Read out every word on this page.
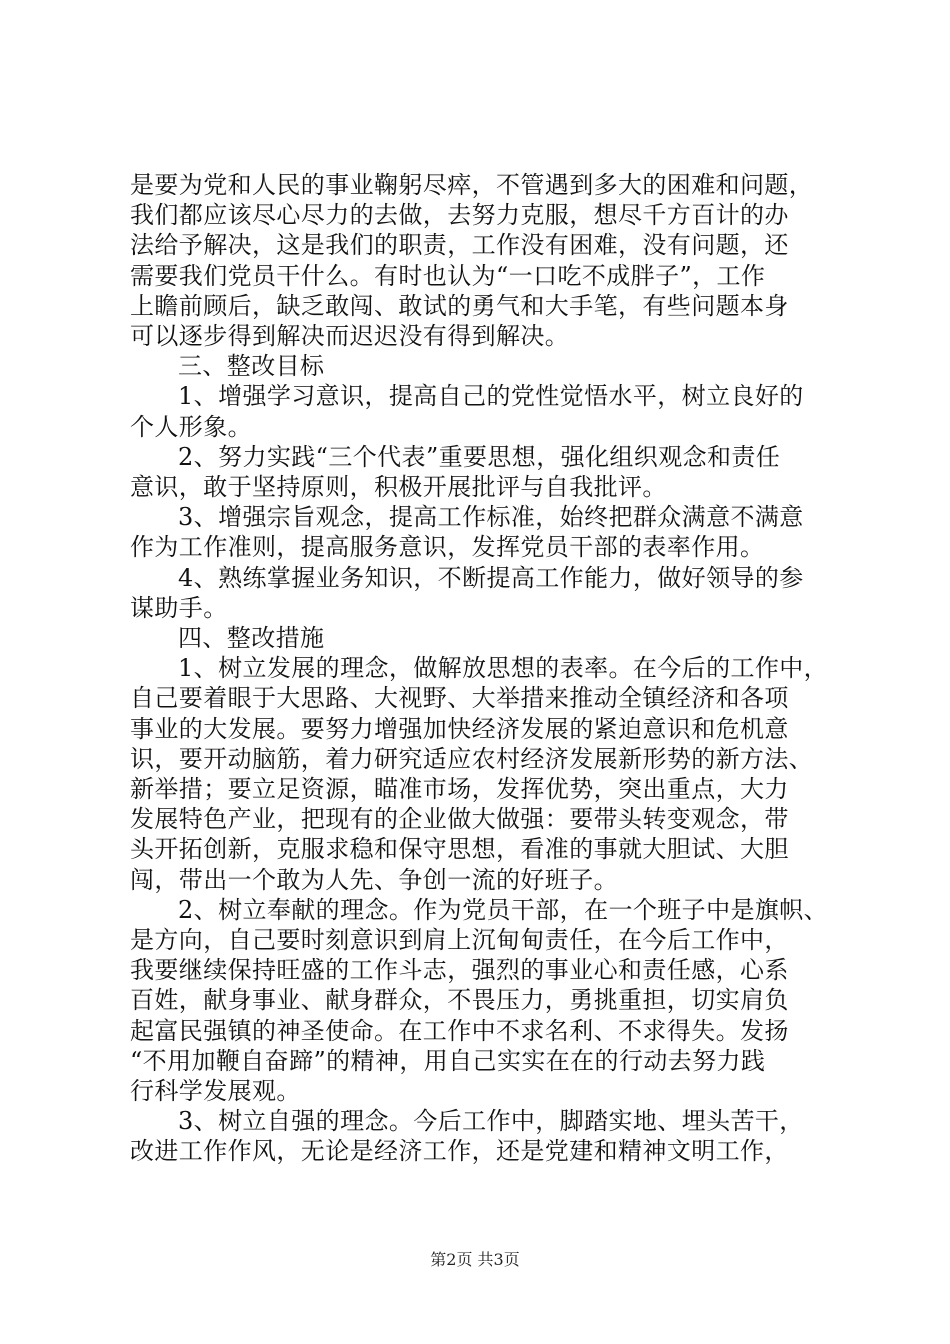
是要为党和人民的事业鞠躬尽瘁，不管遇到多大的困难和问题，
我们都应该尽心尽力的去做，去努力克服，想尽千方百计的办
法给予解决，这是我们的职责，工作没有困难，没有问题，还
需要我们党员干什么。有时也认为“一口吃不成胖子”，工作
上瞻前顾后，缺乏敢闯、敢试的勇气和大手笔，有些问题本身
可以逐步得到解决而迟迟没有得到解决。
三、整改目标
1、增强学习意识，提高自己的党性觉悟水平，树立良好的
个人形象。
2、努力实践“三个代表”重要思想，强化组织观念和责任
意识，敢于坚持原则，积极开展批评与自我批评。
3、增强宗旨观念，提高工作标准，始终把群众满意不满意
作为工作准则，提高服务意识，发挥党员干部的表率作用。
4、熟练掌握业务知识，不断提高工作能力，做好领导的参
谋助手。
四、整改措施
1、树立发展的理念，做解放思想的表率。在今后的工作中，
自己要着眼于大思路、大视野、大举措来推动全镇经济和各项
事业的大发展。要努力增强加快经济发展的紧迫意识和危机意
识，要开动脑筋，着力研究适应农村经济发展新形势的新方法、
新举措；要立足资源，瞄准市场，发挥优势，突出重点，大力
发展特色产业，把现有的企业做大做强：要带头转变观念，带
头开拓创新，克服求稳和保守思想，看准的事就大胆试、大胆
闯，带出一个敢为人先、争创一流的好班子。
2、树立奉献的理念。作为党员干部，在一个班子中是旗帜、
是方向，自己要时刻意识到肩上沉甸甸责任，在今后工作中，
我要继续保持旺盛的工作斗志，强烈的事业心和责任感，心系
百姓，献身事业、献身群众，不畏压力，勇挑重担，切实肩负
起富民强镇的神圣使命。在工作中不求名利、不求得失。发扬
“不用加鞭自奋蹄”的精神，用自己实实在在的行动去努力践
行科学发展观。
3、树立自强的理念。今后工作中，脚踏实地、埋头苦干，
改进工作作风，无论是经济工作，还是党建和精神文明工作，
第2页 共3页
